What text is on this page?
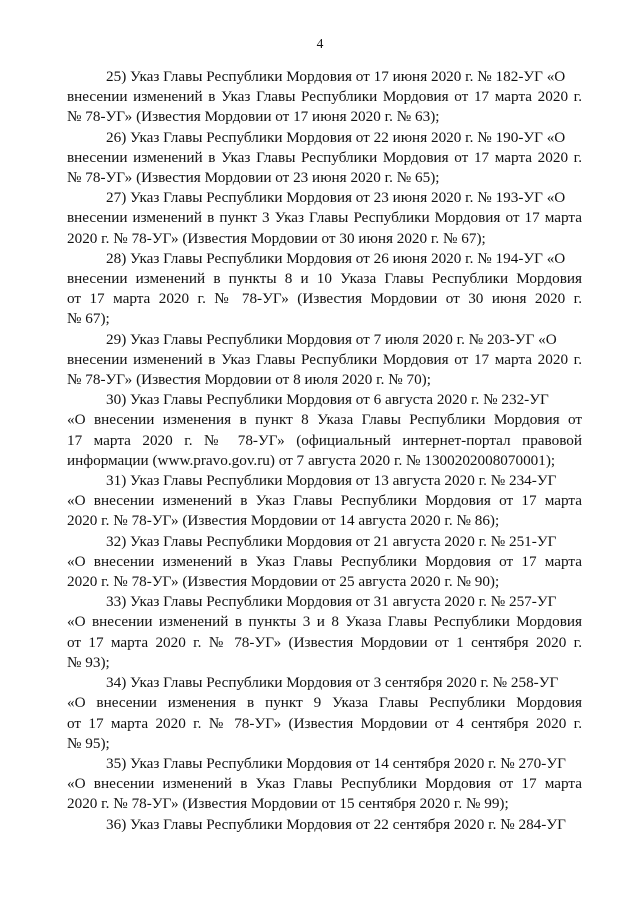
4

25) Указ Главы Республики Мордовия от 17 июня 2020 г. № 182-УГ «О
внесении изменений в Указ Главы Республики Мордовия от 17 марта 2020 г.
№ 78-УГ» (Известия Мордовии от 17 июня 2020 г. № 63);

26) Указ Главы Республики Мордовия от 22 июня 2020 г. № 190-УГ «О
внесении изменений в Указ Главы Республики Мордовия от 17 марта 2020 г.
№ 78-УГ» (Известия Мордовии от 23 июня 2020 г. № 65);

27) Указ Главы Республики Мордовия от 23 июня 2020 г. № 193-УГ «О
внесении изменений в пункт 3 Указ Главы Республики Мордовия от 17 марта
2020 г. № 78-УГ» (Известия Мордовии от 30 июня 2020 г. № 67);

28) Указ Главы Республики Мордовия от 26 июня 2020 г. № 194-УГ «О
внесении изменений в пункты 8 и 10 Указа Главы Республики Мордовия
от 17 марта 2020 г. № 78-УГ» (Известия Мордовии от 30 июня 2020 г.
№ 67);

29) Указ Главы Республики Мордовия от 7 июля 2020 г. № 203-УГ «О
внесении изменений в Указ Главы Республики Мордовия от 17 марта 2020 г.
№ 78-УГ» (Известия Мордовии от 8 июля 2020 г. № 70);

30) Указ Главы Республики Мордовия от 6 августа 2020 г. № 232-УГ
«О внесении изменения в пункт 8 Указа Главы Республики Мордовия от
17 марта 2020 г. № 78-УГ» (официальный интернет-портал правовой
информации (www.pravo.gov.ru) от 7 августа 2020 г. № 1300202008070001);

31) Указ Главы Республики Мордовия от 13 августа 2020 г. № 234-УГ
«О внесении изменений в Указ Главы Республики Мордовия от 17 марта
2020 г. № 78-УГ» (Известия Мордовии от 14 августа 2020 г. № 86);

32) Указ Главы Республики Мордовия от 21 августа 2020 г. № 251-УГ
«О внесении изменений в Указ Главы Республики Мордовия от 17 марта
2020 г. № 78-УГ» (Известия Мордовии от 25 августа 2020 г. № 90);

33) Указ Главы Республики Мордовия от 31 августа 2020 г. № 257-УГ
«О внесении изменений в пункты 3 и 8 Указа Главы Республики Мордовия
от 17 марта 2020 г. № 78-УГ» (Известия Мордовии от 1 сентября 2020 г.
№ 93);

34) Указ Главы Республики Мордовия от 3 сентября 2020 г. № 258-УГ
«О внесении изменения в пункт 9 Указа Главы Республики Мордовия
от 17 марта 2020 г. № 78-УГ» (Известия Мордовии от 4 сентября 2020 г.
№ 95);

35) Указ Главы Республики Мордовия от 14 сентября 2020 г. № 270-УГ
«О внесении изменений в Указ Главы Республики Мордовия от 17 марта
2020 г. № 78-УГ» (Известия Мордовии от 15 сентября 2020 г. № 99);

36) Указ Главы Республики Мордовия от 22 сентября 2020 г. № 284-УГ
